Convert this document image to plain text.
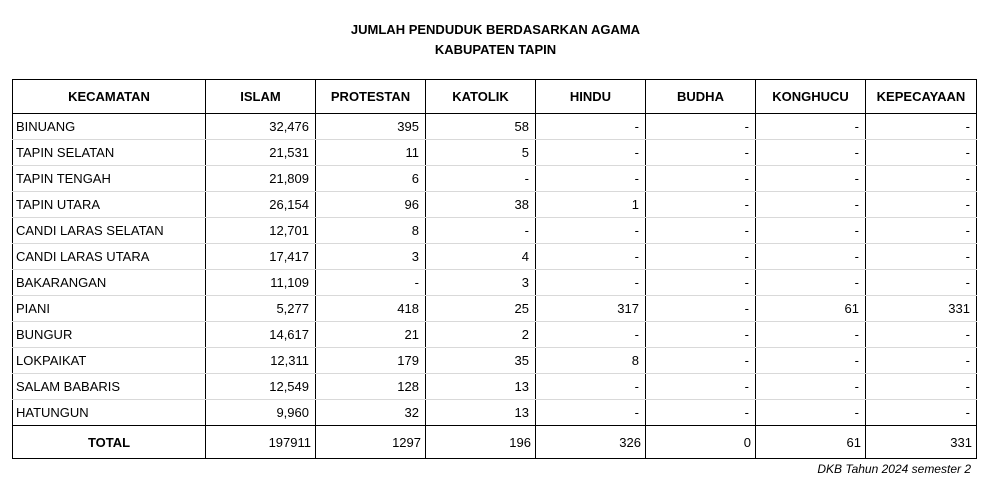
JUMLAH PENDUDUK BERDASARKAN AGAMA
KABUPATEN TAPIN
KECAMATAN	ISLAM	PROTESTAN	KATOLIK	HINDU	BUDHA	KONGHUCU	KEPECAYAAN
BINUANG	32,476	395	58	-	-	-	-
TAPIN SELATAN	21,531	11	5	-	-	-	-
TAPIN TENGAH	21,809	6	-	-	-	-	-
TAPIN UTARA	26,154	96	38	1	-	-	-
CANDI LARAS SELATAN	12,701	8	-	-	-	-	-
CANDI LARAS UTARA	17,417	3	4	-	-	-	-
BAKARANGAN	11,109	-	3	-	-	-	-
PIANI	5,277	418	25	317	-	61	331
BUNGUR	14,617	21	2	-	-	-	-
LOKPAIKAT	12,311	179	35	8	-	-	-
SALAM BABARIS	12,549	128	13	-	-	-	-
HATUNGUN	9,960	32	13	-	-	-	-
TOTAL	197911	1297	196	326	0	61	331
DKB Tahun 2024 semester 2
